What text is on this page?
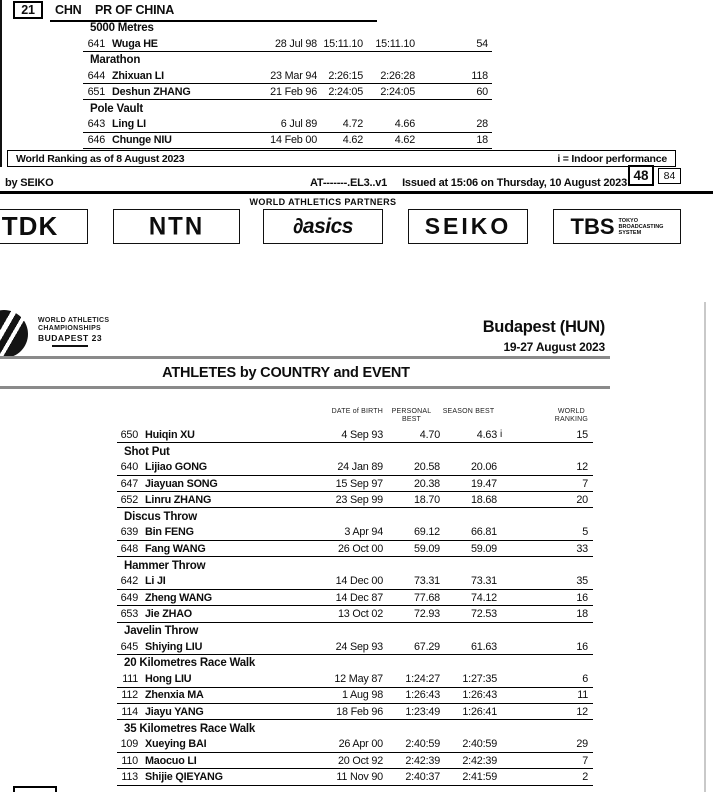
21 CHN PR OF CHINA
5000 Metres
641 Wuga HE	28 Jul 98 15:11.10	15:11.10	54
Marathon
644 Zhixuan LI	23 Mar 94	2:26:15	2:26:28	118
651 Deshun ZHANG	21 Feb 96	2:24:05	2:24:05	60
Pole Vault
643 Ling LI	6 Jul 89	4.72	4.66	28
646 Chunge NIU	14 Feb 00	4.62	4.62	18
World Ranking as of 8 August 2023	i = Indoor performance
by SEIKO	AT-------.EL3..v1 Issued at 15:06 on Thursday, 10 August 2023 48 84
WORLD ATHLETICS PARTNERS
TDK	NTN	∂asics	SEIKO	TBS TOKYO
BROADCASTING
SYSTEM
WORLD ATHLETICS
CHAMPIONSHIPS
BUDAPEST 23
Budapest (HUN)
19-27 August 2023
ATHLETES by COUNTRY and EVENT
DATE of BIRTH	PERSONAL
BEST
SEASON BEST	WORLD
RANKING
650 Huiqin XU	4 Sep 93	4.70	4.63 i	15
Shot Put
640 Lijiao GONG	24 Jan 89	20.58	20.06	12
647 Jiayuan SONG	15 Sep 97	20.38	19.47	7
652 Linru ZHANG	23 Sep 99	18.70	18.68	20
Discus Throw
639 Bin FENG	3 Apr 94	69.12	66.81	5
648 Fang WANG	26 Oct 00	59.09	59.09	33
Hammer Throw
642 Li JI	14 Dec 00	73.31	73.31	35
649 Zheng WANG	14 Dec 87	77.68	74.12	16
653 Jie ZHAO	13 Oct 02	72.93	72.53	18
Javelin Throw
645 Shiying LIU	24 Sep 93	67.29	61.63	16
20 Kilometres Race Walk
111 Hong LIU	12 May 87	1:24:27	1:27:35	6
112 Zhenxia MA	1 Aug 98	1:26:43	1:26:43	11
114 Jiayu YANG	18 Feb 96	1:23:49	1:26:41	12
35 Kilometres Race Walk
109 Xueying BAI	26 Apr 00	2:40:59	2:40:59	29
110 Maocuo LI	20 Oct 92	2:42:39	2:42:39	7
113 Shijie QIEYANG	11 Nov 90	2:40:37	2:41:59	2
